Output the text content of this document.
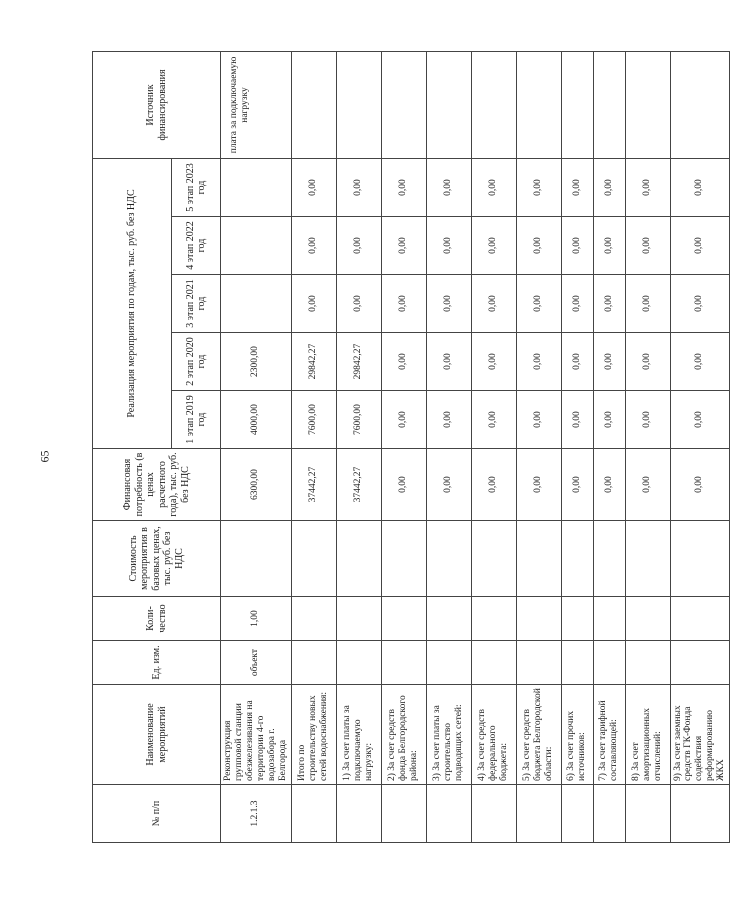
65
№ п/п	Наименование мероприятий	Ед. изм.	Коли-чество	Стоимость мероприятия в базовых ценах, тыс. руб. без НДС	Финансовая потребность (в ценах расчетного года), тыс. руб. без НДС	Реализация мероприятия по годам, тыс. руб. без НДС					Источник финансирования
						1 этап 2019 год	2 этап 2020 год	3 этап 2021 год	4 этап 2022 год	5 этап 2023 год	
1.2.1.3	Реконструкция групповой станции обезжелезивания на территории 4-го водозабора г. Белгорода	объект	1,00		6300,00	4000,00	2300,00				плата за подключаемую нагрузку
	Итого по строительству новых сетей водоснабжения:				37442,27	7600,00	29842,27	0,00	0,00	0,00	
	1) За счет платы за подключаемую нагрузку:				37442,27	7600,00	29842,27	0,00	0,00	0,00	
	2) За счет средств фонда Белгородского района:				0,00	0,00	0,00	0,00	0,00	0,00	
	3) За счет платы за строительство подводящих сетей:				0,00	0,00	0,00	0,00	0,00	0,00	
	4) За счет средств федерального бюджета:				0,00	0,00	0,00	0,00	0,00	0,00	
	5) За счет средств бюджета Белгородской области:				0,00	0,00	0,00	0,00	0,00	0,00	
	6) За счет прочих источников:				0,00	0,00	0,00	0,00	0,00	0,00	
	7) За счет тарифной составляющей:				0,00	0,00	0,00	0,00	0,00	0,00	
	8) За счет амортизационных отчислений:				0,00	0,00	0,00	0,00	0,00	0,00	
	9) За счет заемных средств ГК-Фонда содействия реформированию ЖКХ				0,00	0,00	0,00	0,00	0,00	0,00	
